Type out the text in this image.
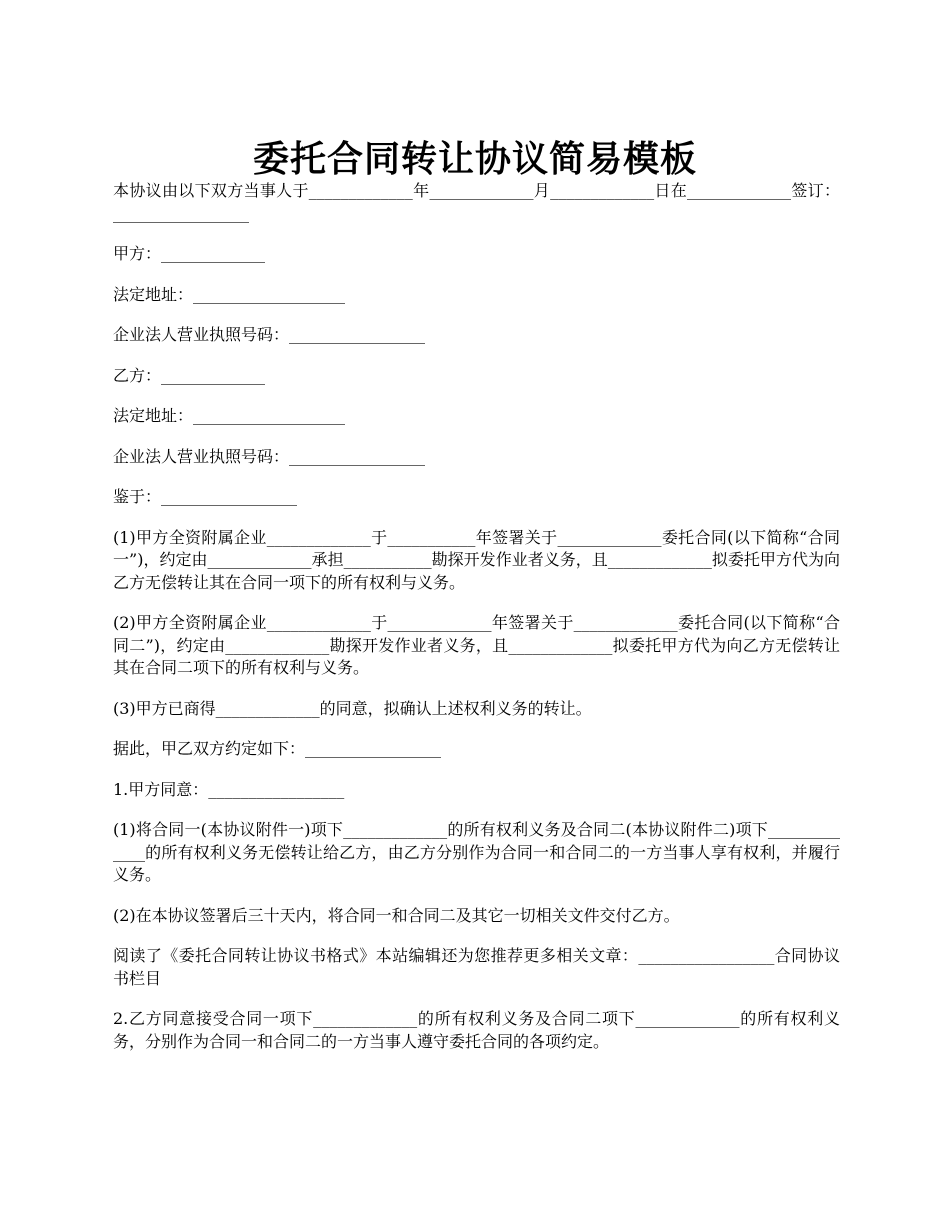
委托合同转让协议简易模板

本协议由以下双方当事人于_____________年_____________月_____________日在_____________签订：_________________

甲方：_____________

法定地址：___________________

企业法人营业执照号码：_________________

乙方：_____________

法定地址：___________________

企业法人营业执照号码：_________________

鉴于：_________________

(1)甲方全资附属企业_____________于___________年签署关于_____________委托合同(以下简称“合同一”)，约定由_____________承担___________勘探开发作业者义务，且_____________拟委托甲方代为向乙方无偿转让其在合同一项下的所有权利与义务。

(2)甲方全资附属企业_____________于_____________年签署关于_____________委托合同(以下简称“合同二”)，约定由_____________勘探开发作业者义务，且_____________拟委托甲方代为向乙方无偿转让其在合同二项下的所有权利与义务。

(3)甲方已商得_____________的同意，拟确认上述权利义务的转让。

据此，甲乙双方约定如下：_________________

1.甲方同意：_________________

(1)将合同一(本协议附件一)项下_____________的所有权利义务及合同二(本协议附件二)项下_____________的所有权利义务无偿转让给乙方，由乙方分别作为合同一和合同二的一方当事人享有权利，并履行义务。

(2)在本协议签署后三十天内，将合同一和合同二及其它一切相关文件交付乙方。

阅读了《委托合同转让协议书格式》本站编辑还为您推荐更多相关文章：_________________合同协议书栏目

2.乙方同意接受合同一项下_____________的所有权利义务及合同二项下_____________的所有权利义务，分别作为合同一和合同二的一方当事人遵守委托合同的各项约定。
